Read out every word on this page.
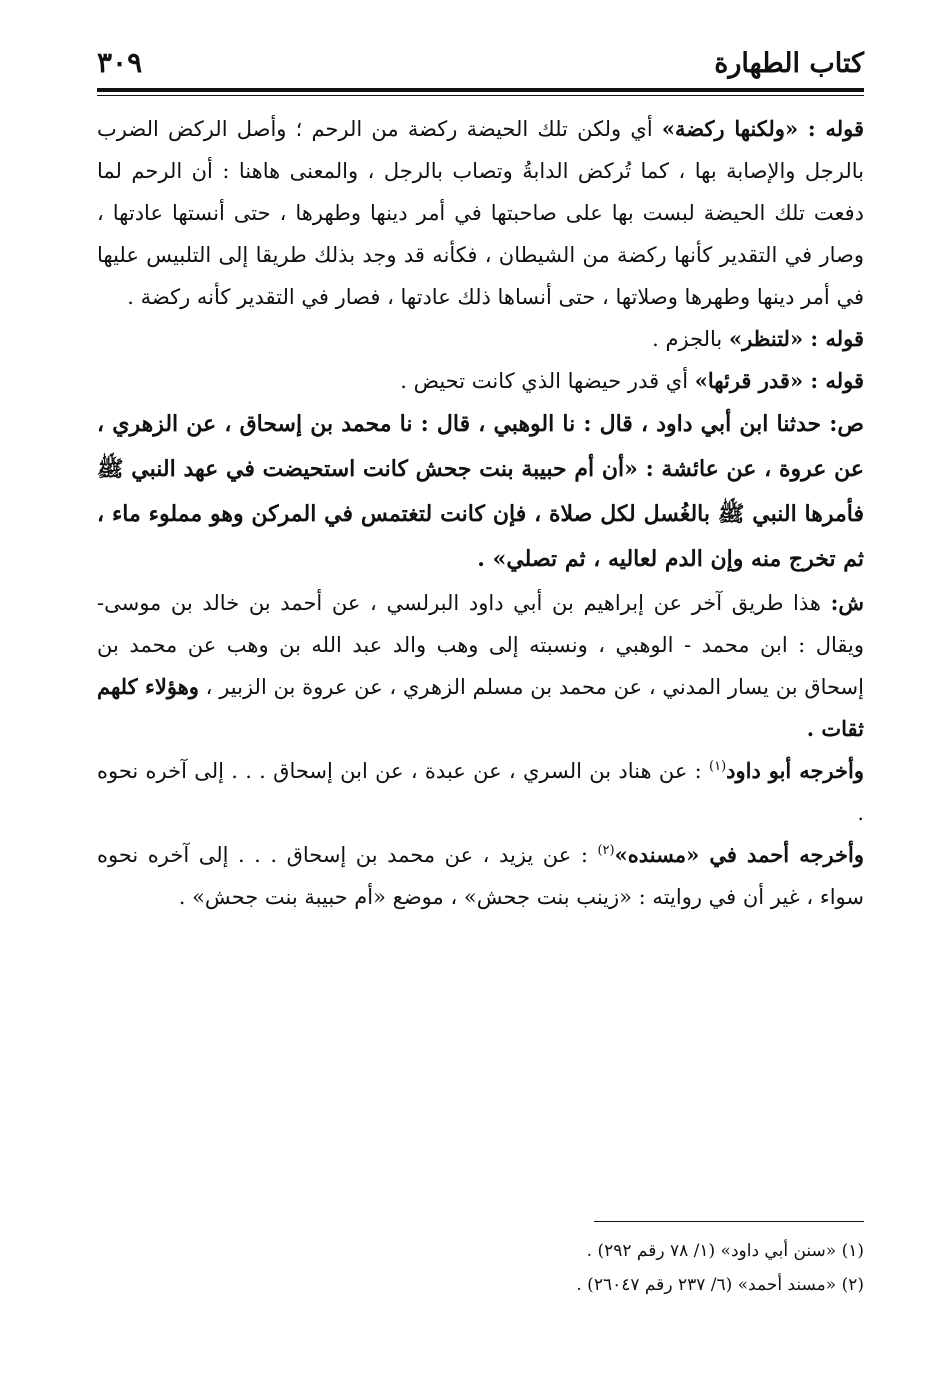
كتاب الطهارة
٣٠٩

قوله : «ولكنها ركضة» أي ولكن تلك الحيضة ركضة من الرحم ؛ وأصل الركض الضرب بالرجل والإصابة بها ، كما تُركض الدابةُ وتصاب بالرجل ، والمعنى هاهنا : أن الرحم لما دفعت تلك الحيضة لبست بها على صاحبتها في أمر دينها وطهرها ، حتى أنستها عادتها ، وصار في التقدير كأنها ركضة من الشيطان ، فكأنه قد وجد بذلك طريقا إلى التلبيس عليها في أمر دينها وطهرها وصلاتها ، حتى أنساها ذلك عادتها ، فصار في التقدير كأنه ركضة .

قوله : «لتنظر» بالجزم .

قوله : «قدر قرئها» أي قدر حيضها الذي كانت تحيض .

ص: حدثنا ابن أبي داود ، قال : نا الوهبي ، قال : نا محمد بن إسحاق ، عن الزهري ، عن عروة ، عن عائشة : «أن أم حبيبة بنت جحش كانت استحيضت في عهد النبي ﷺ فأمرها النبي ﷺ بالغُسل لكل صلاة ، فإن كانت لتغتمس في المركن وهو مملوء ماء ، ثم تخرج منه وإن الدم لعاليه ، ثم تصلي» .

ش: هذا طريق آخر عن إبراهيم بن أبي داود البرلسي ، عن أحمد بن خالد بن موسى- ويقال : ابن محمد - الوهبي ، ونسبته إلى وهب والد عبد الله بن وهب عن محمد بن إسحاق بن يسار المدني ، عن محمد بن مسلم الزهري ، عن عروة بن الزبير ، وهؤلاء كلهم ثقات .

وأخرجه أبو داود$^{(١)}$ : عن هناد بن السري ، عن عبدة ، عن ابن إسحاق . . . إلى آخره نحوه .

وأخرجه أحمد في «مسنده»$^{(٢)}$ : عن يزيد ، عن محمد بن إسحاق . . . إلى آخره نحوه سواء ، غير أن في روايته : «زينب بنت جحش» ، موضع «أم حبيبة بنت جحش» .

(١) «سنن أبي داود» (١/ ٧٨ رقم ٢٩٢) .

(٢) «مسند أحمد» (٦/ ٢٣٧ رقم ٢٦٠٤٧) .
